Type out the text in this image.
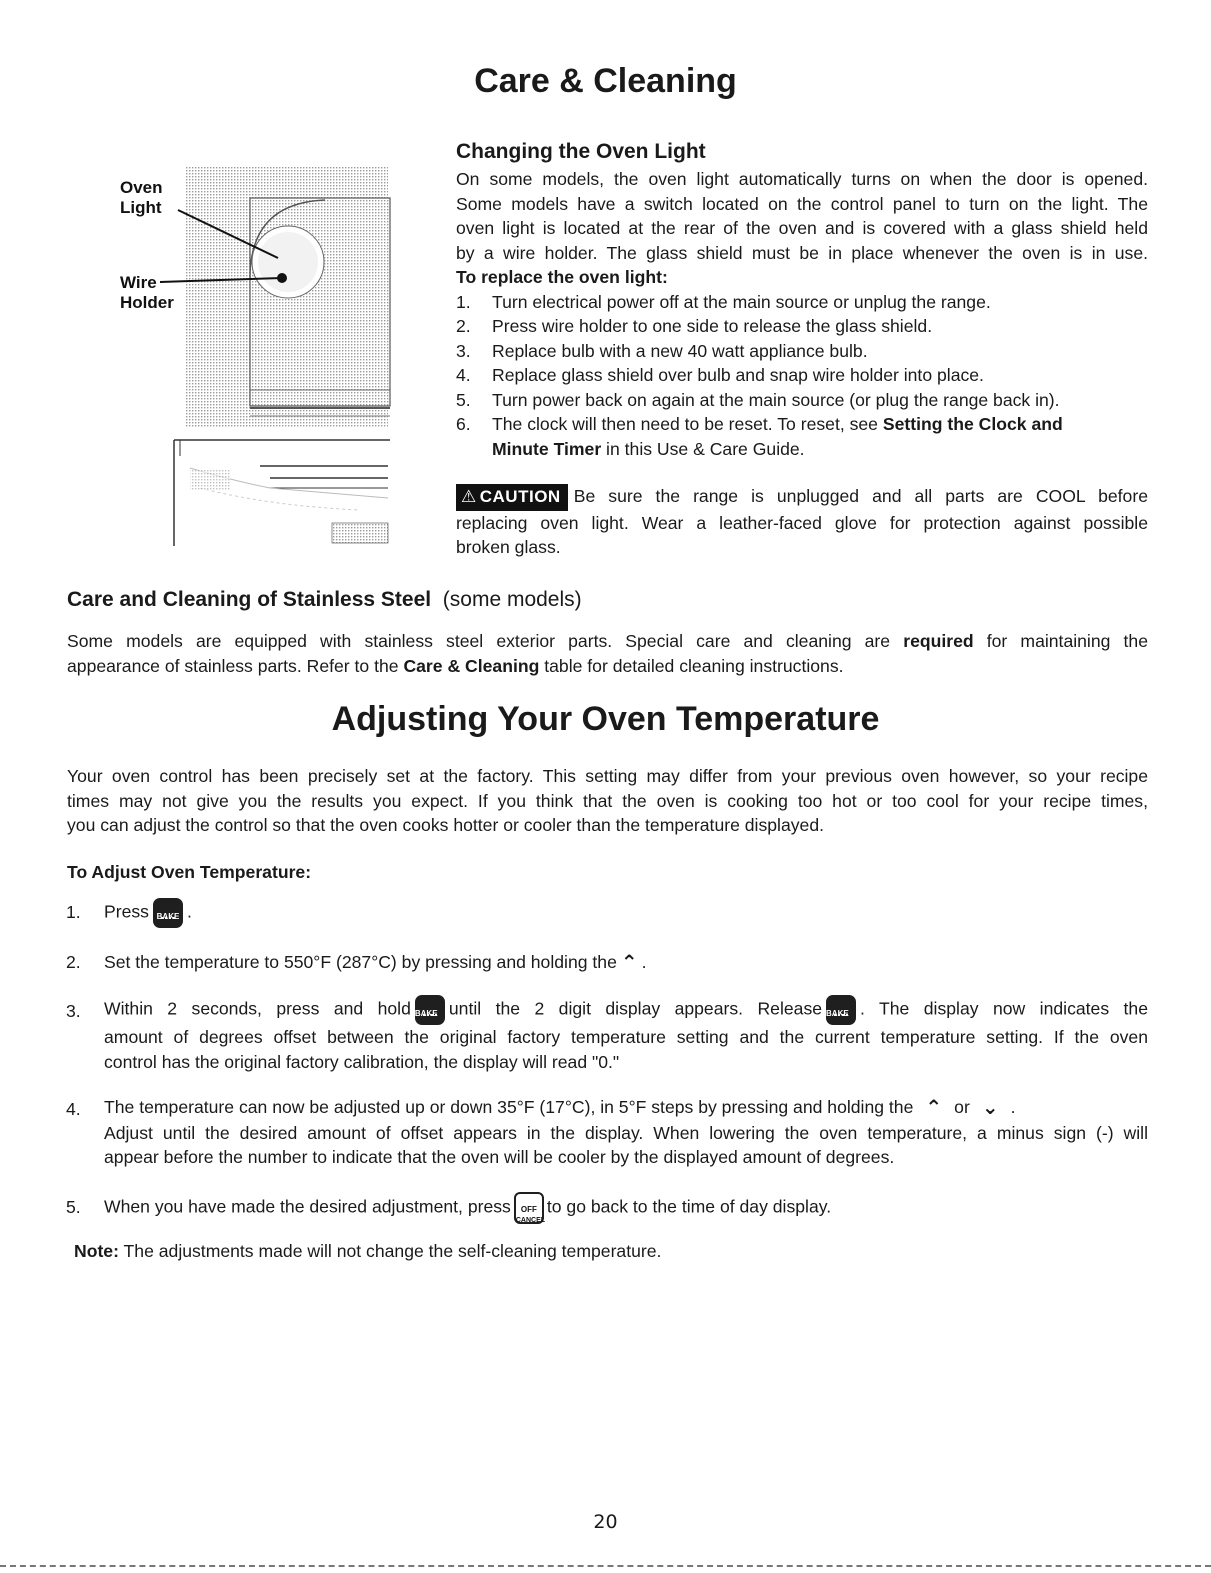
Care & Cleaning
Oven
Light
Wire
Holder
Changing the Oven Light
On some models, the oven light automatically turns on when the door is opened.
Some models have a switch located on the control panel to turn on the light. The
oven light is located at the rear of the oven and is covered with a glass shield held
by a wire holder. The glass shield must be in place whenever the oven is in use.
To replace the oven light:
1.	Turn electrical power off at the main source or unplug the range.
2.	Press wire holder to one side to release the glass shield.
3.	Replace bulb with a new 40 watt appliance bulb.
4.	Replace glass shield over bulb and snap wire holder into place.
5.	Turn power back on again at the main source (or plug the range back in).
6.	The clock will then need to be reset. To reset, see Setting the Clock and
Minute Timer in this Use & Care Guide.
⚠ CAUTION Be sure the range is unplugged and all parts are COOL before
replacing oven light. Wear a leather-faced glove for protection against possible
broken glass.
Care and Cleaning of Stainless Steel (some models)
Some models are equipped with stainless steel exterior parts. Special care and cleaning are required for maintaining the
appearance of stainless parts. Refer to the Care & Cleaning table for detailed cleaning instructions.
Adjusting Your Oven Temperature
Your oven control has been precisely set at the factory. This setting may differ from your previous oven however, so your recipe
times may not give you the results you expect. If you think that the oven is cooking too hot or too cool for your recipe times,
you can adjust the control so that the oven cooks hotter or cooler than the temperature displayed.
To Adjust Oven Temperature:
1. Press BAKE .
2. Set the temperature to 550°F (287°C) by pressing and holding the ⌃ .
3. Within 2 seconds, press and hold BAKE until the 2 digit display appears. Release BAKE . The display now indicates the
amount of degrees offset between the original factory temperature setting and the current temperature setting. If the oven
control has the original factory calibration, the display will read "0."
4. The temperature can now be adjusted up or down 35°F (17°C), in 5°F steps by pressing and holding the ⌃ or ⌄ .
Adjust until the desired amount of offset appears in the display. When lowering the oven temperature, a minus sign (-) will
appear before the number to indicate that the oven will be cooler by the displayed amount of degrees.
5. When you have made the desired adjustment, press	OFF
CANCEL
to go back to the time of day display.
Note: The adjustments made will not change the self-cleaning temperature.
20
